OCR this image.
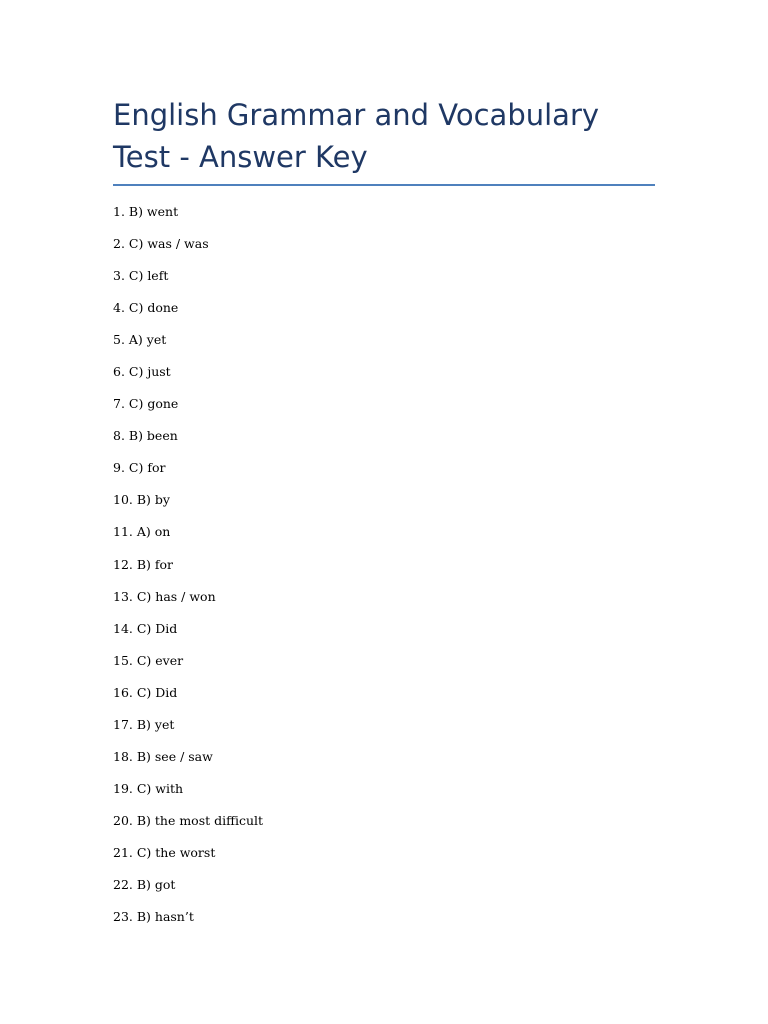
English Grammar and Vocabulary Test - Answer Key
1. B) went
2. C) was / was
3. C) left
4. C) done
5. A) yet
6. C) just
7. C) gone
8. B) been
9. C) for
10. B) by
11. A) on
12. B) for
13. C) has / won
14. C) Did
15. C) ever
16. C) Did
17. B) yet
18. B) see / saw
19. C) with
20. B) the most difficult
21. C) the worst
22. B) got
23. B) hasn’t
